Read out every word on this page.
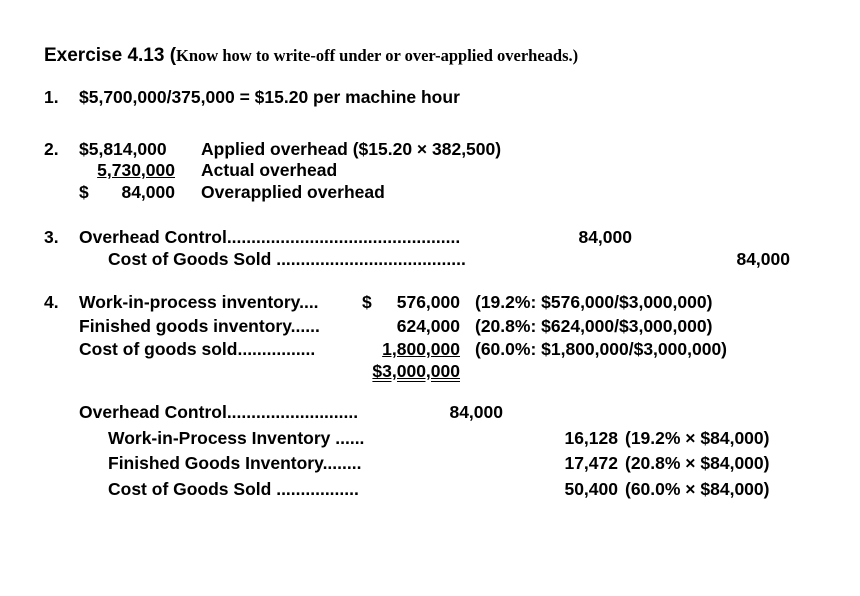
Exercise 4.13 (Know how to write-off under or over-applied overheads.)
1. $5,700,000/375,000 = $15.20 per machine hour
2. $5,814,000 Applied overhead ($15.20 × 382,500)
5,730,000 Actual overhead
$ 84,000 Overapplied overhead
3. Overhead Control................................................	84,000
Cost of Goods Sold .......................................	84,000
4. Work-in-process inventory.... $	576,000 (19.2%: $576,000/$3,000,000)
Finished goods inventory......	624,000 (20.8%: $624,000/$3,000,000)
Cost of goods sold................	1,800,000 (60.0%: $1,800,000/$3,000,000)
$3,000,000
Overhead Control...........................	84,000
Work-in-Process Inventory ......	16,128 (19.2% × $84,000)
Finished Goods Inventory........	17,472 (20.8% × $84,000)
Cost of Goods Sold .................	50,400 (60.0% × $84,000)
